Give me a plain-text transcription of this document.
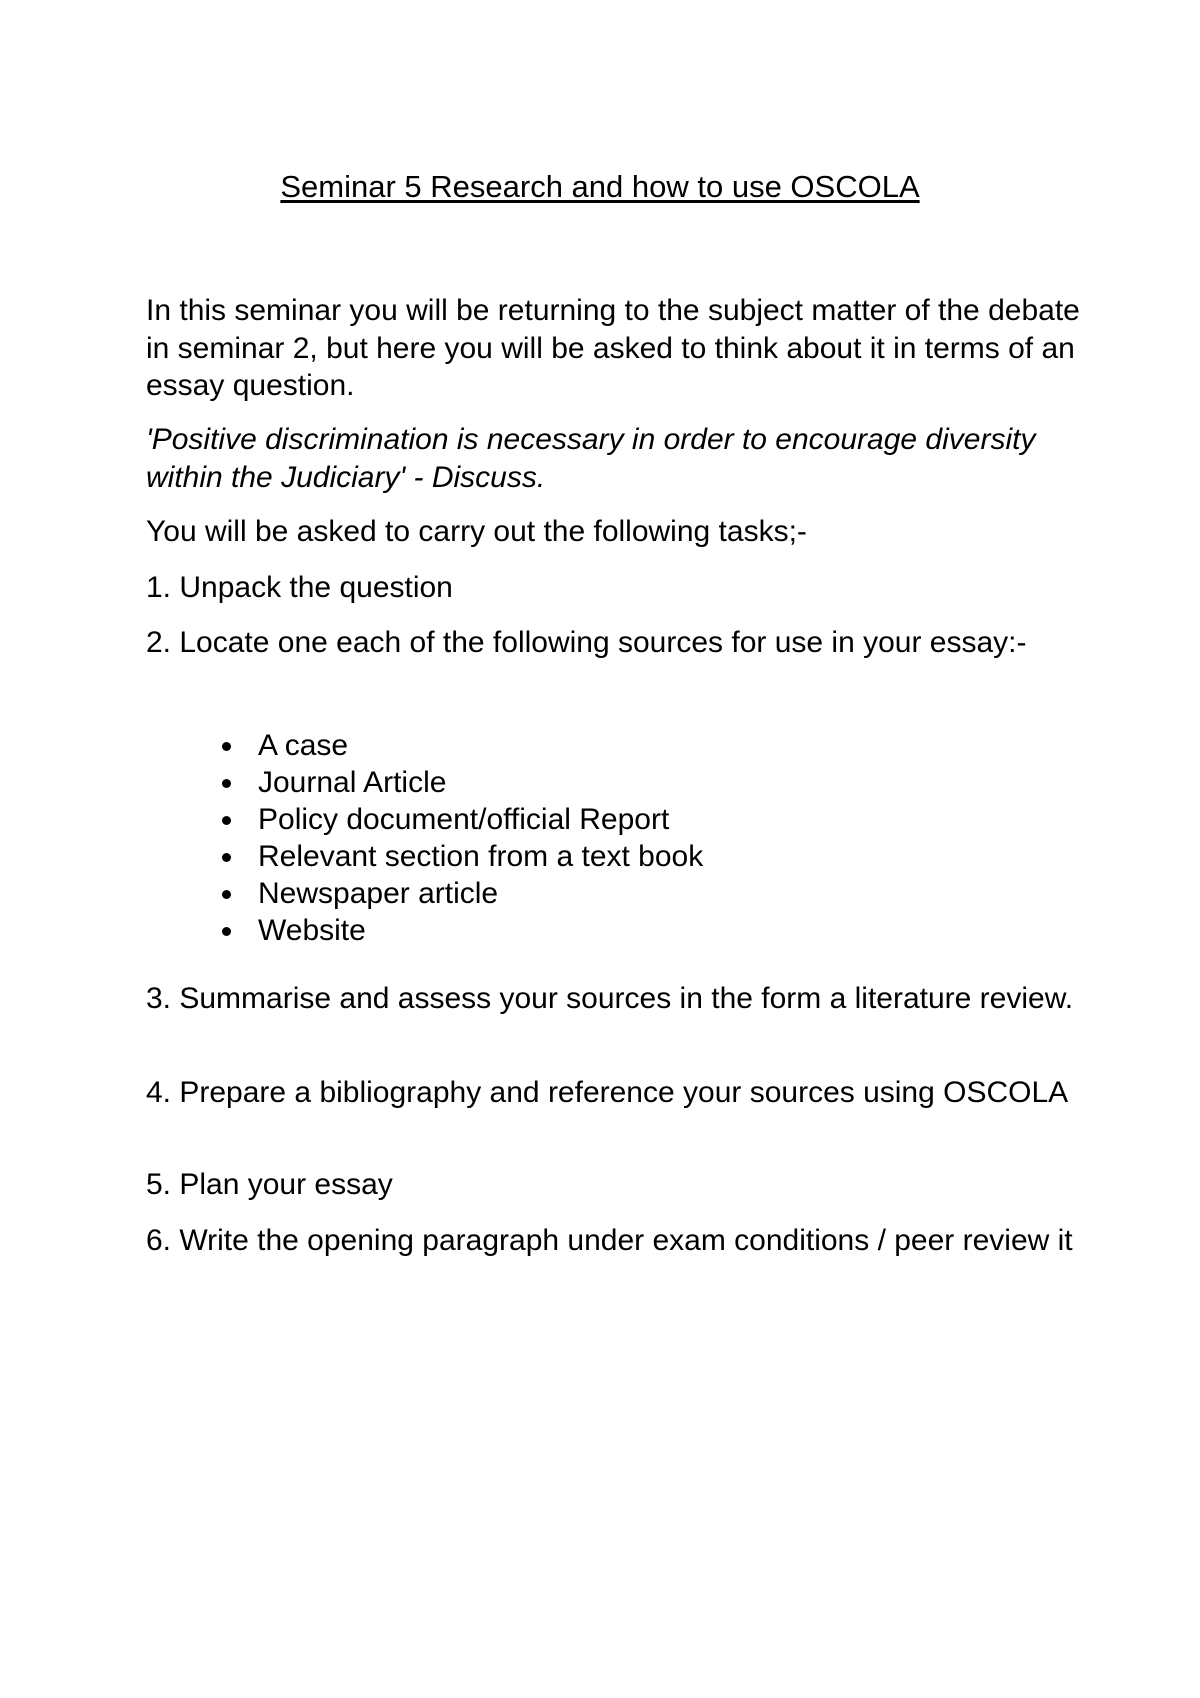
Seminar 5 Research and how to use OSCOLA
In this seminar you will be returning to the subject matter of the debate in seminar 2, but here you will be asked to think about it in terms of an essay question.
'Positive discrimination is necessary in order to encourage diversity within the Judiciary' - Discuss.
You will be asked to carry out the following tasks;-
1. Unpack the question
2. Locate one each of the following sources for use in your essay:-
A case
Journal Article
Policy document/official Report
Relevant section from a text book
Newspaper article
Website
3. Summarise and assess your sources in the form a literature review.
4. Prepare a bibliography and reference your sources using OSCOLA
5. Plan your essay
6. Write the opening paragraph under exam conditions / peer review it
